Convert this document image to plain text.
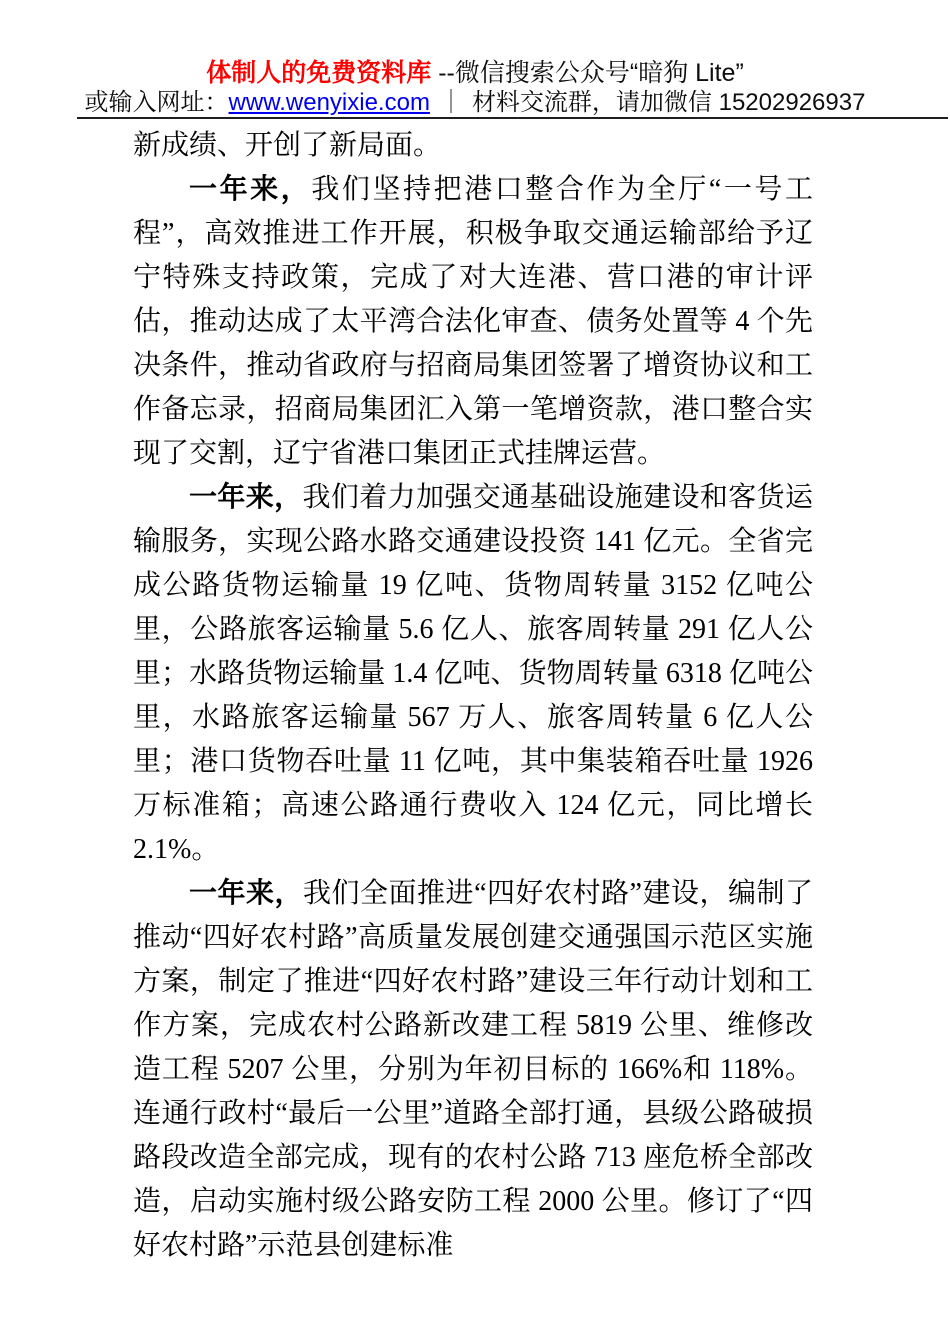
体制人的免费资料库 --微信搜索公众号“暗狗 Lite”
或输入网址：www.wenyixie.com ｜ 材料交流群，请加微信 15202926937

新成绩、开创了新局面。

一年来，我们坚持把港口整合作为全厅“一号工程”，高效推进工作开展，积极争取交通运输部给予辽宁特殊支持政策，完成了对大连港、营口港的审计评估，推动达成了太平湾合法化审查、债务处置等 4 个先决条件，推动省政府与招商局集团签署了增资协议和工作备忘录，招商局集团汇入第一笔增资款，港口整合实现了交割，辽宁省港口集团正式挂牌运营。

一年来，我们着力加强交通基础设施建设和客货运输服务，实现公路水路交通建设投资 141 亿元。全省完成公路货物运输量 19 亿吨、货物周转量 3152 亿吨公里，公路旅客运输量 5.6 亿人、旅客周转量 291 亿人公里；水路货物运输量 1.4 亿吨、货物周转量 6318 亿吨公里，水路旅客运输量 567 万人、旅客周转量 6 亿人公里；港口货物吞吐量 11 亿吨，其中集装箱吞吐量 1926 万标准箱；高速公路通行费收入 124 亿元，同比增长 2.1%。

一年来，我们全面推进“四好农村路”建设，编制了推动“四好农村路”高质量发展创建交通强国示范区实施方案，制定了推进“四好农村路”建设三年行动计划和工作方案，完成农村公路新改建工程 5819 公里、维修改造工程 5207 公里，分别为年初目标的 166%和 118%。连通行政村“最后一公里”道路全部打通，县级公路破损路段改造全部完成，现有的农村公路 713 座危桥全部改造，启动实施村级公路安防工程 2000 公里。修订了“四好农村路”示范县创建标准
